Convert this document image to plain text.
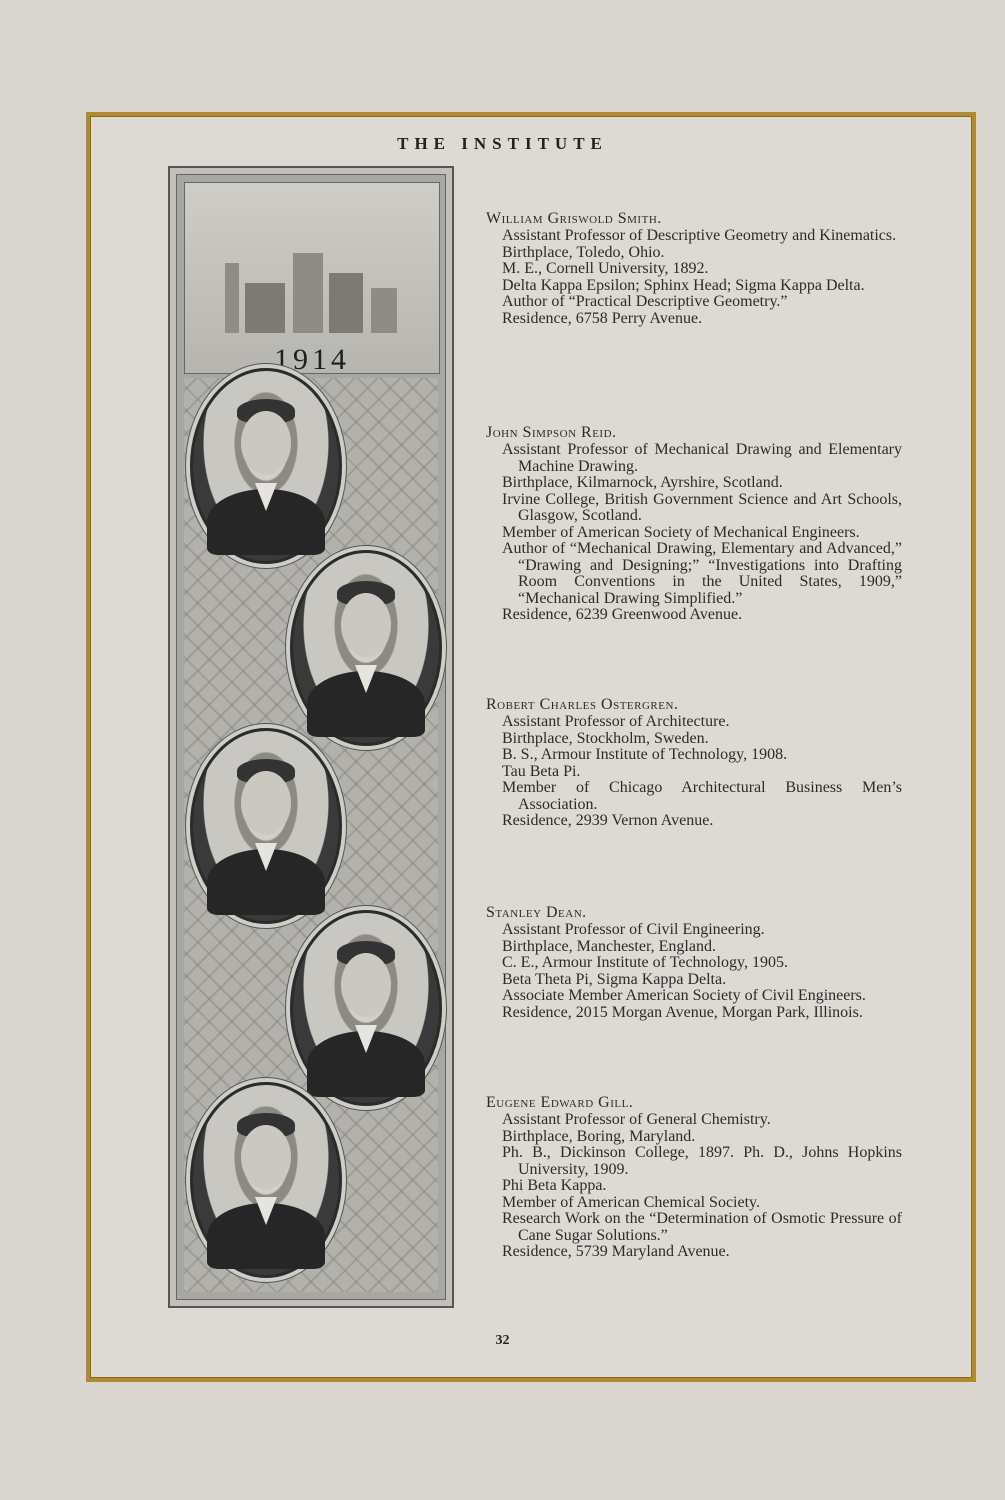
THE INSTITUTE
1914

William Griswold Smith.

Assistant Professor of Descriptive Geometry and Kinematics.

Birthplace, Toledo, Ohio.

M. E., Cornell University, 1892.

Delta Kappa Epsilon; Sphinx Head; Sigma Kappa Delta.

Author of “Practical Descriptive Geometry.”

Residence, 6758 Perry Avenue.

John Simpson Reid.

Assistant Professor of Mechanical Drawing and Elementary Machine Drawing.

Birthplace, Kilmarnock, Ayrshire, Scotland.

Irvine College, British Government Science and Art Schools, Glasgow, Scotland.

Member of American Society of Mechanical Engineers.

Author of “Mechanical Drawing, Elementary and Advanced,” “Drawing and Designing;” “Investigations into Drafting Room Conventions in the United States, 1909,” “Mechanical Drawing Simplified.”

Residence, 6239 Greenwood Avenue.

Robert Charles Ostergren.

Assistant Professor of Architecture.

Birthplace, Stockholm, Sweden.

B. S., Armour Institute of Technology, 1908.

Tau Beta Pi.

Member of Chicago Architectural Business Men’s Association.

Residence, 2939 Vernon Avenue.

Stanley Dean.

Assistant Professor of Civil Engineering.

Birthplace, Manchester, England.

C. E., Armour Institute of Technology, 1905.

Beta Theta Pi, Sigma Kappa Delta.

Associate Member American Society of Civil Engineers.

Residence, 2015 Morgan Avenue, Morgan Park, Illinois.

Eugene Edward Gill.

Assistant Professor of General Chemistry.

Birthplace, Boring, Maryland.

Ph. B., Dickinson College, 1897. Ph. D., Johns Hopkins University, 1909.

Phi Beta Kappa.

Member of American Chemical Society.

Research Work on the “Determination of Osmotic Pressure of Cane Sugar Solutions.”

Residence, 5739 Maryland Avenue.

32
